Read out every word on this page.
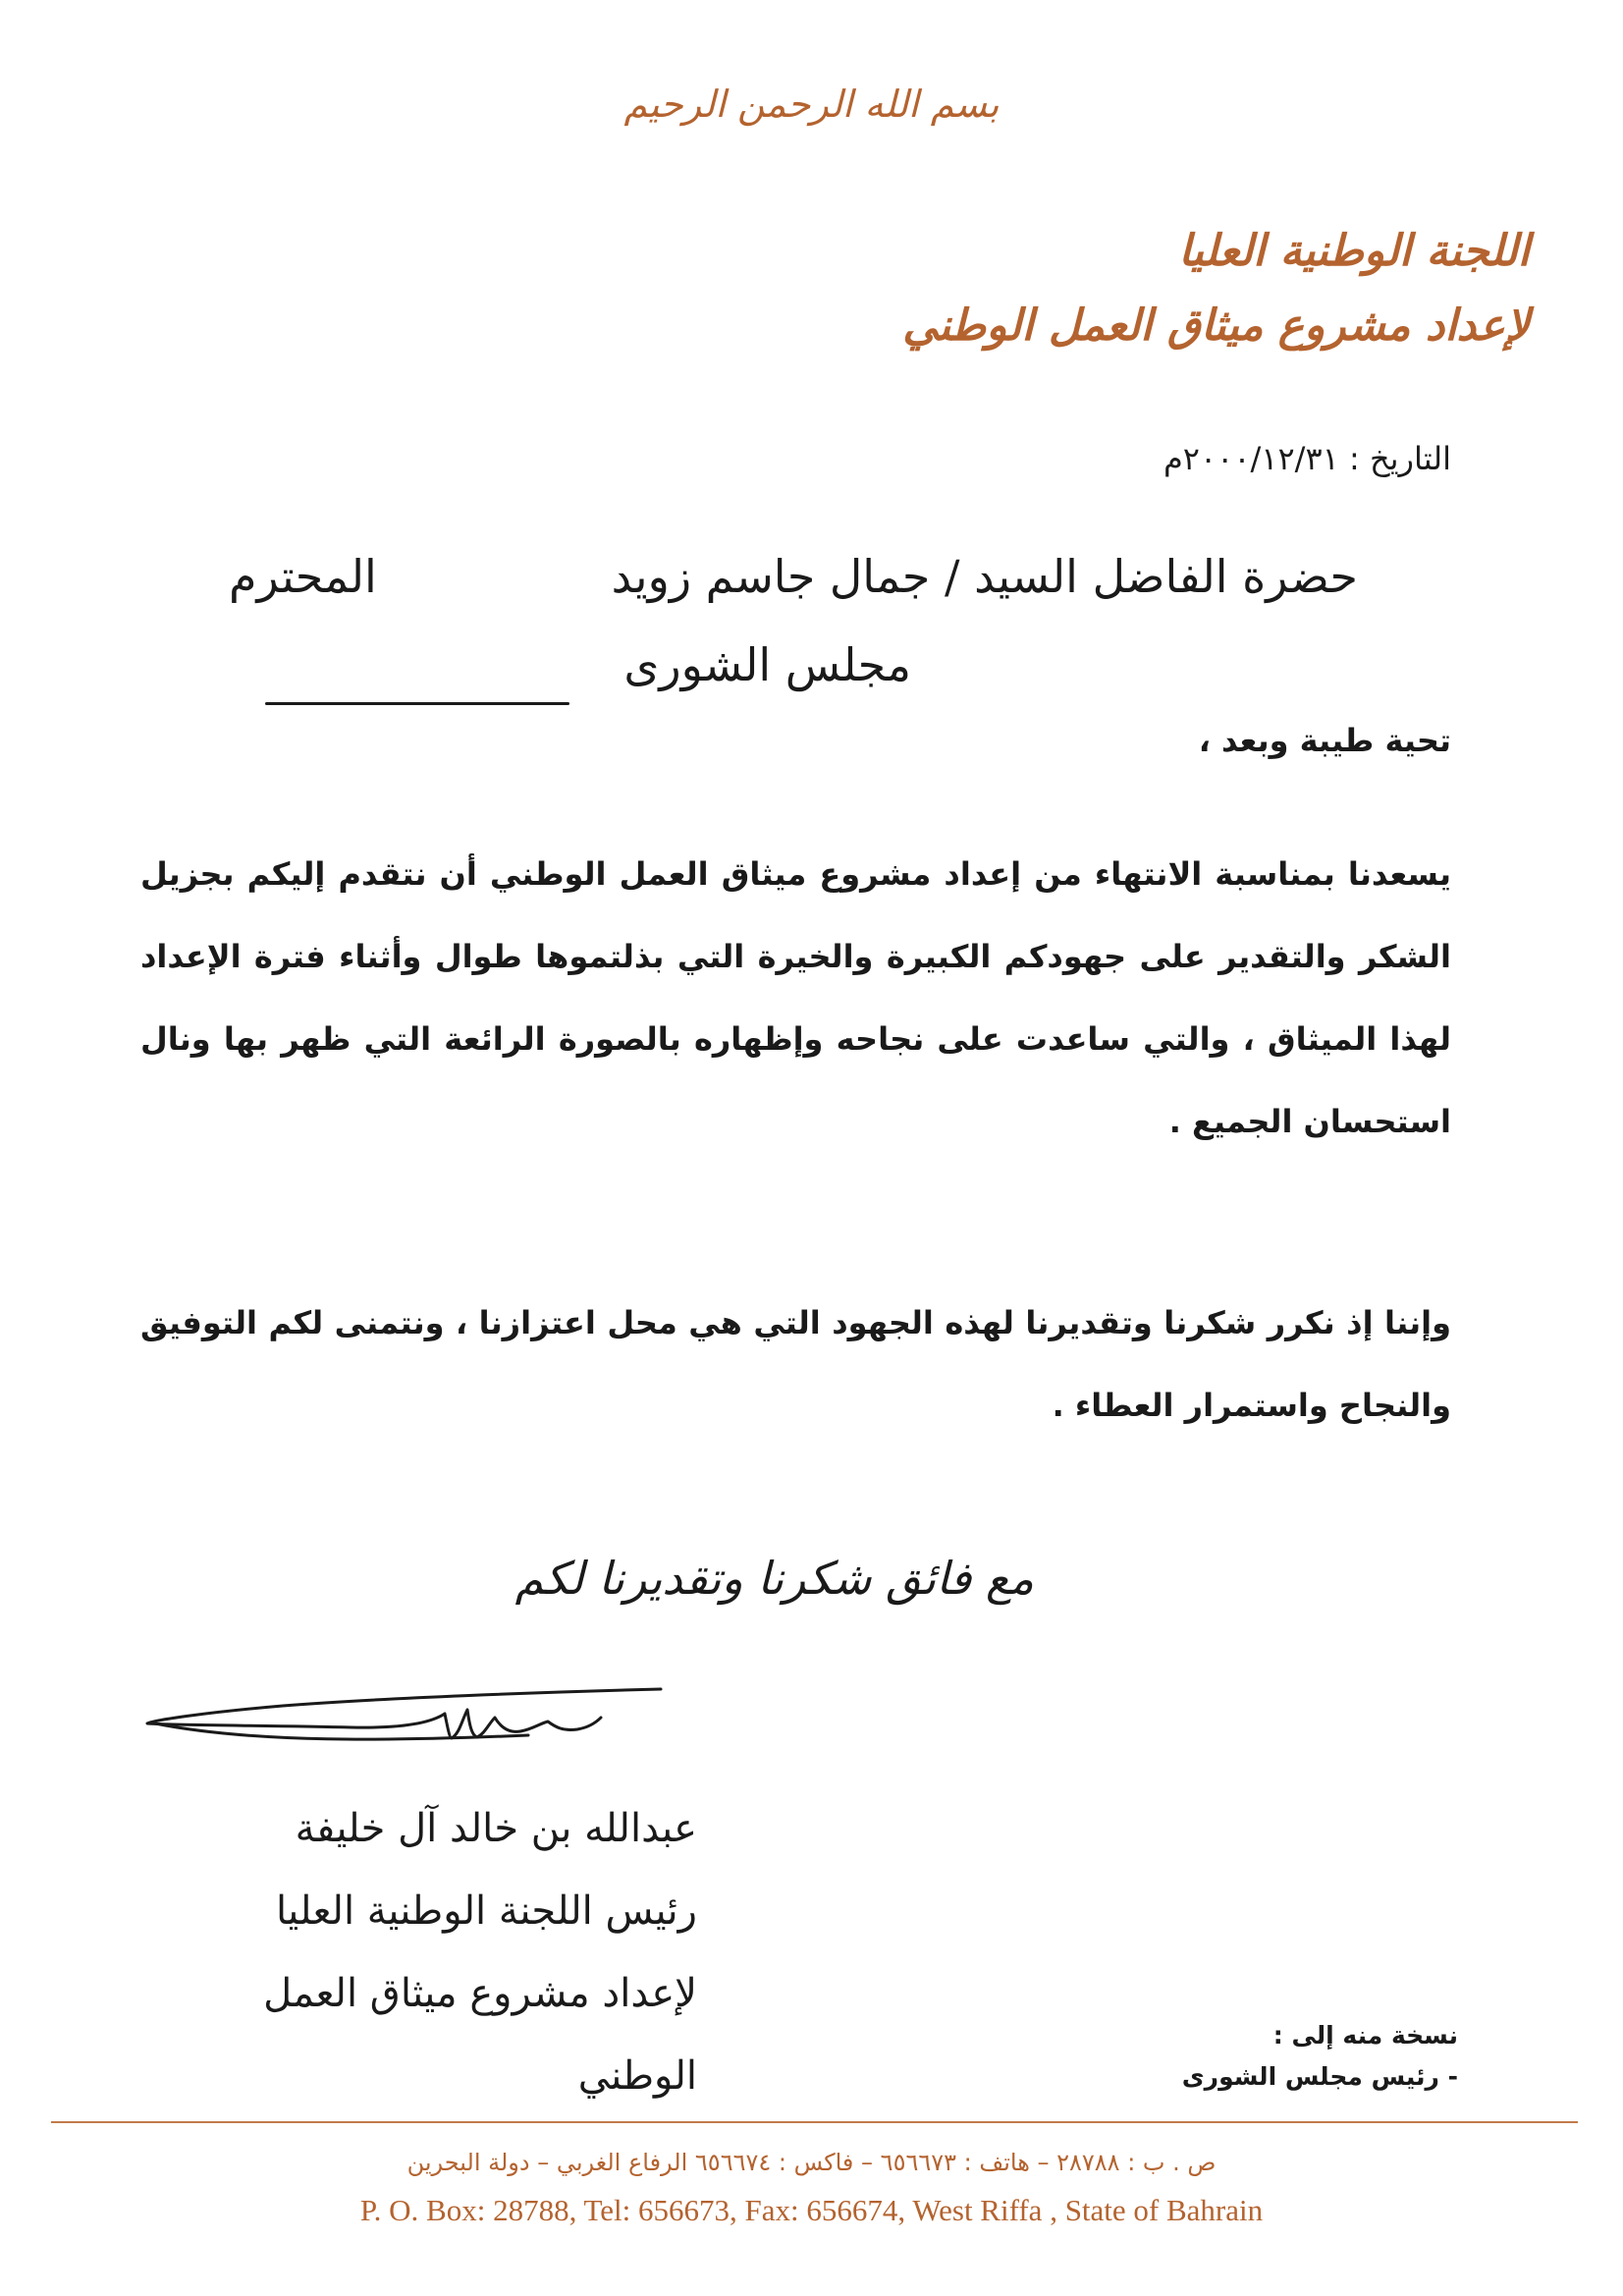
بسم الله الرحمن الرحيم
اللجنة الوطنية العليا
لإعداد مشروع ميثاق العمل الوطني
التاريخ : ٢٠٠٠/١٢/٣١م
حضرة الفاضل السيد / جمال جاسم زويد
المحترم
مجلس الشورى
تحية طيبة وبعد ،
يسعدنا بمناسبة الانتهاء من إعداد مشروع ميثاق العمل الوطني أن نتقدم إليكم بجزيل الشكر والتقدير على جهودكم الكبيرة والخيرة التي بذلتموها طوال وأثناء فترة الإعداد لهذا الميثاق ، والتي ساعدت على نجاحه وإظهاره بالصورة الرائعة التي ظهر بها ونال استحسان الجميع .
وإننا إذ نكرر شكرنا وتقديرنا لهذه الجهود التي هي محل اعتزازنا ، ونتمنى لكم التوفيق والنجاح واستمرار العطاء .
مع فائق شكرنا وتقديرنا لكم
عبدالله بن خالد آل خليفة
رئيس اللجنة الوطنية العليا
لإعداد مشروع ميثاق العمل الوطني
نسخة منه إلى :
- رئيس مجلس الشورى
ص . ب : ٢٨٧٨٨ – هاتف : ٦٥٦٦٧٣ – فاكس : ٦٥٦٦٧٤ الرفاع الغربي – دولة البحرين
P. O. Box: 28788, Tel: 656673, Fax: 656674, West Riffa , State of Bahrain
